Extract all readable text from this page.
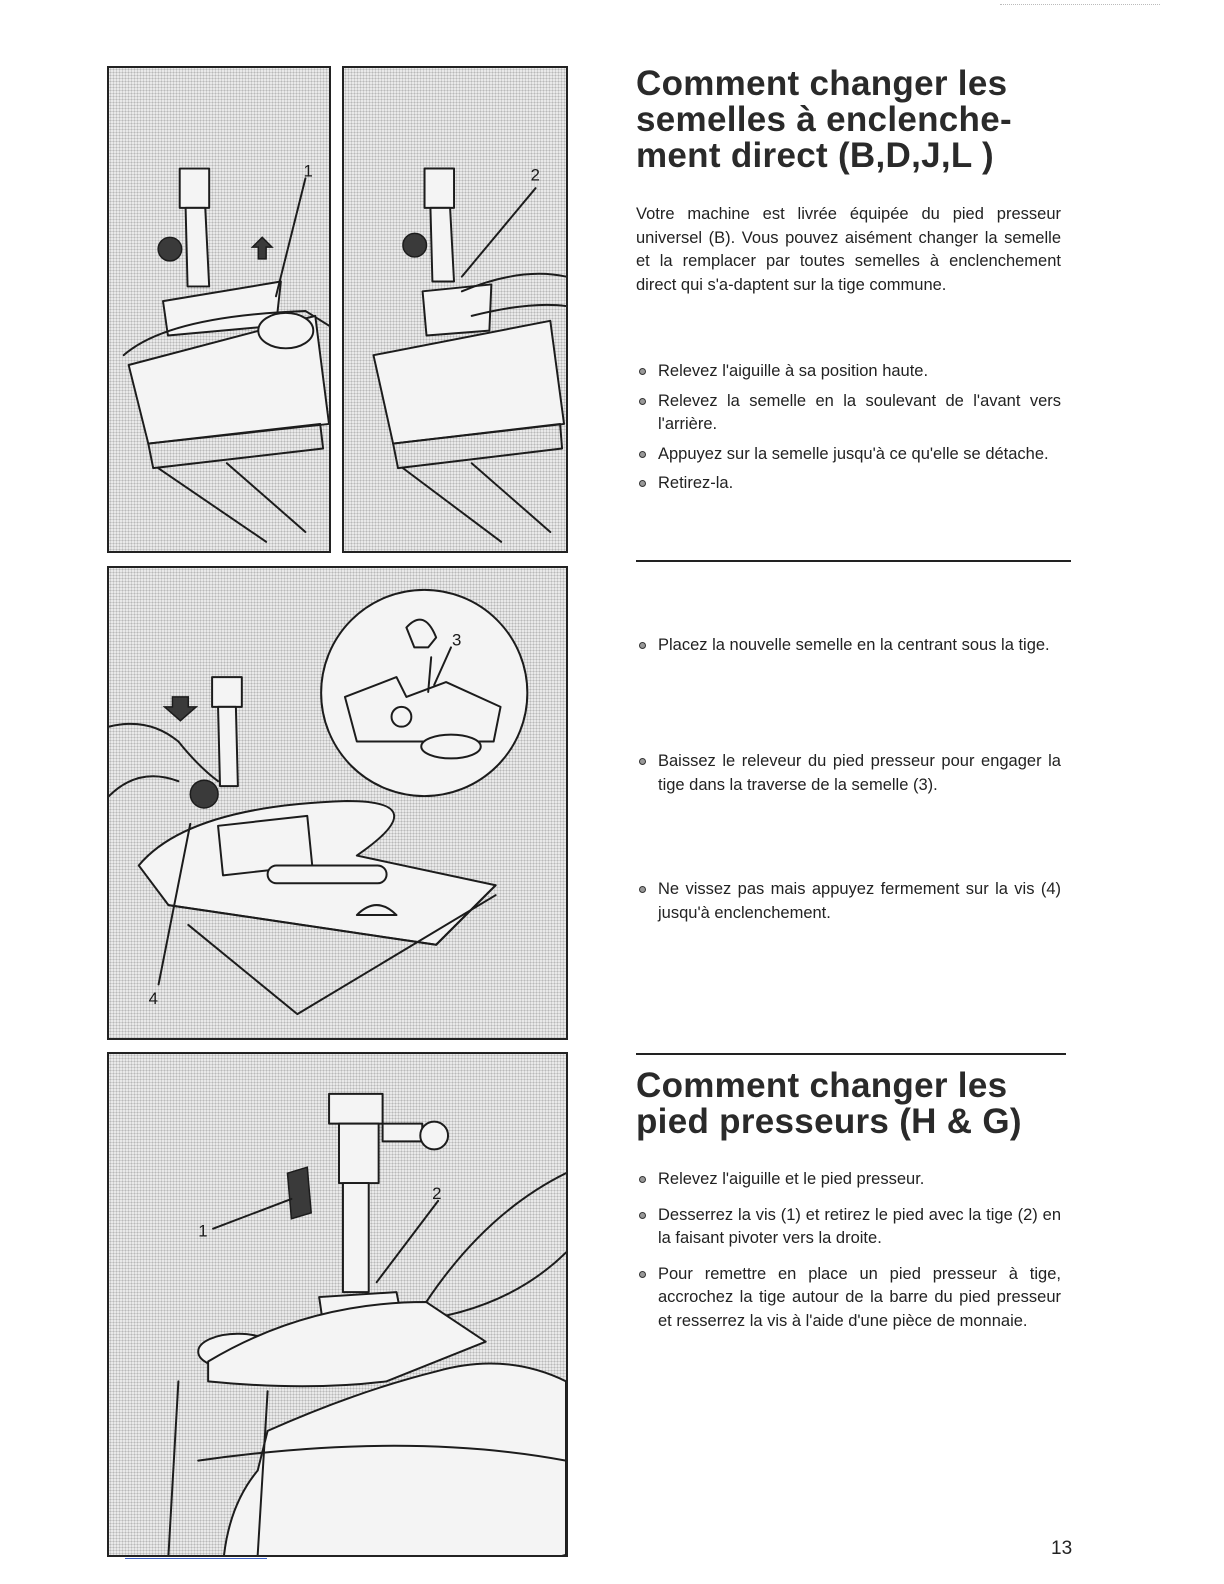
1	2
3
4
1
2
Comment changer les
semelles à enclenche-
ment direct (B,D,J,L )

Votre machine est livrée équipée du pied presseur universel (B). Vous pouvez aisément changer la semelle et la remplacer par toutes semelles à enclenchement direct qui s'a-daptent sur la tige commune.

Relevez l'aiguille à sa position haute.
Relevez la semelle en la soulevant de l'avant vers l'arrière.
Appuyez sur la semelle jusqu'à ce qu'elle se détache.
Retirez-la.
Placez la nouvelle semelle en la centrant sous la tige.
Baissez le releveur du pied presseur pour engager la tige dans la traverse de la semelle (3).
Ne vissez pas mais appuyez fermement sur la vis (4) jusqu'à enclenchement.
Comment changer les
pied presseurs (H & G)
Relevez l'aiguille et le pied presseur.
Desserrez la vis (1) et retirez le pied avec la tige (2) en la faisant pivoter vers la droite.
Pour remettre en place un pied presseur à tige, accrochez la tige autour de la barre du pied presseur et resserrez la vis à l'aide d'une pièce de monnaie.
13
